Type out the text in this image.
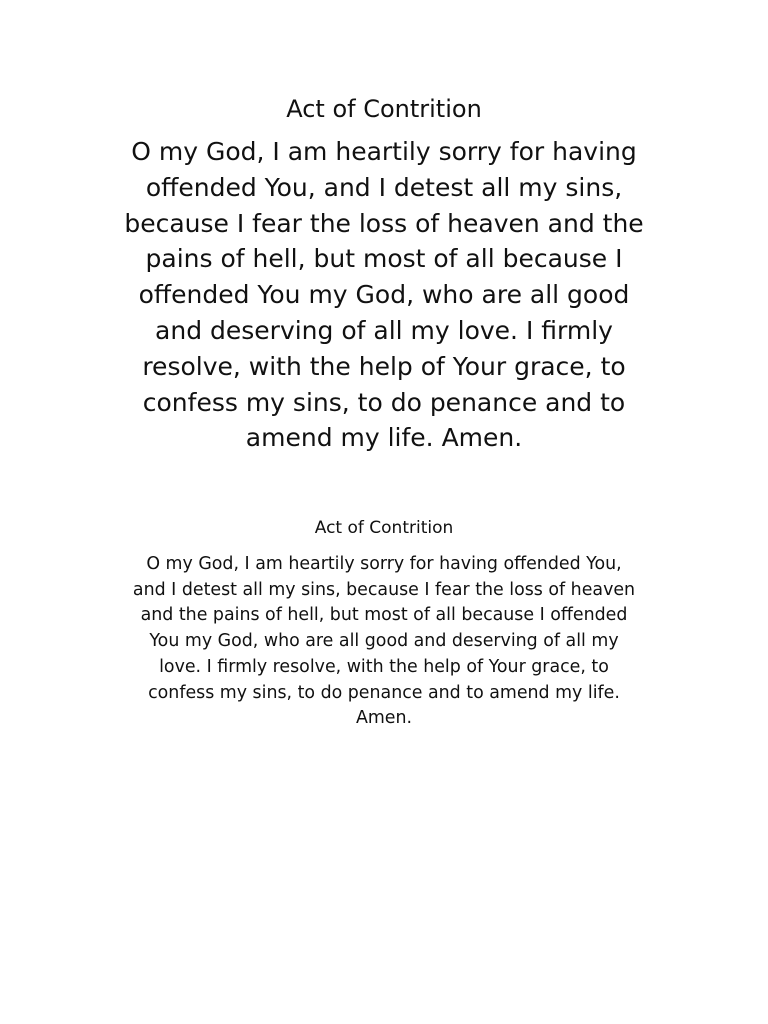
Act of Contrition

O my God, I am heartily sorry for having
offended You, and I detest all my sins,
because I fear the loss of heaven and the
pains of hell, but most of all because I
offended You my God, who are all good
and deserving of all my love. I firmly
resolve, with the help of Your grace, to
confess my sins, to do penance and to
amend my life. Amen.

Act of Contrition

O my God, I am heartily sorry for having offended You,
and I detest all my sins, because I fear the loss of heaven
and the pains of hell, but most of all because I offended
You my God, who are all good and deserving of all my
love. I firmly resolve, with the help of Your grace, to
confess my sins, to do penance and to amend my life.
Amen.
